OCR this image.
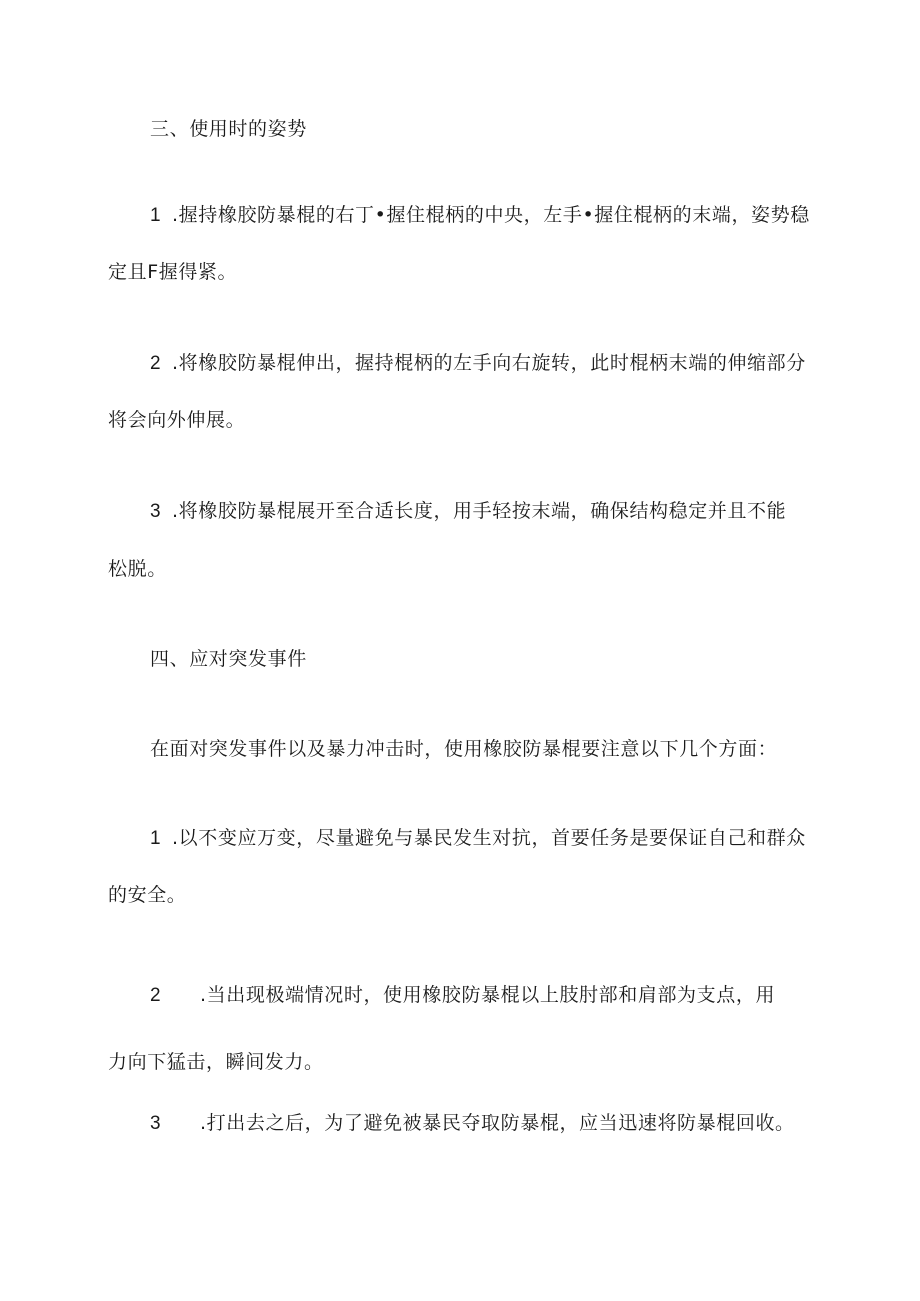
三、使用时的姿势
1 .握持橡胶防暴棍的右丁•握住棍柄的中央，左手•握住棍柄的末端，姿势稳
定且F握得紧。
2 .将橡胶防暴棍伸出，握持棍柄的左手向右旋转，此时棍柄末端的伸缩部分
将会向外伸展。
3 .将橡胶防暴棍展开至合适长度，用手轻按末端，确保结构稳定并且不能
松脱。
四、应对突发事件
在面对突发事件以及暴力冲击时，使用橡胶防暴棍要注意以下几个方面：
1 .以不变应万变，尽量避免与暴民发生对抗，首要任务是要保证自己和群众
的安全。
2 .当出现极端情况时，使用橡胶防暴棍以上肢肘部和肩部为支点，用
力向下猛击，瞬间发力。
3 .打出去之后，为了避免被暴民夺取防暴棍，应当迅速将防暴棍回收。
